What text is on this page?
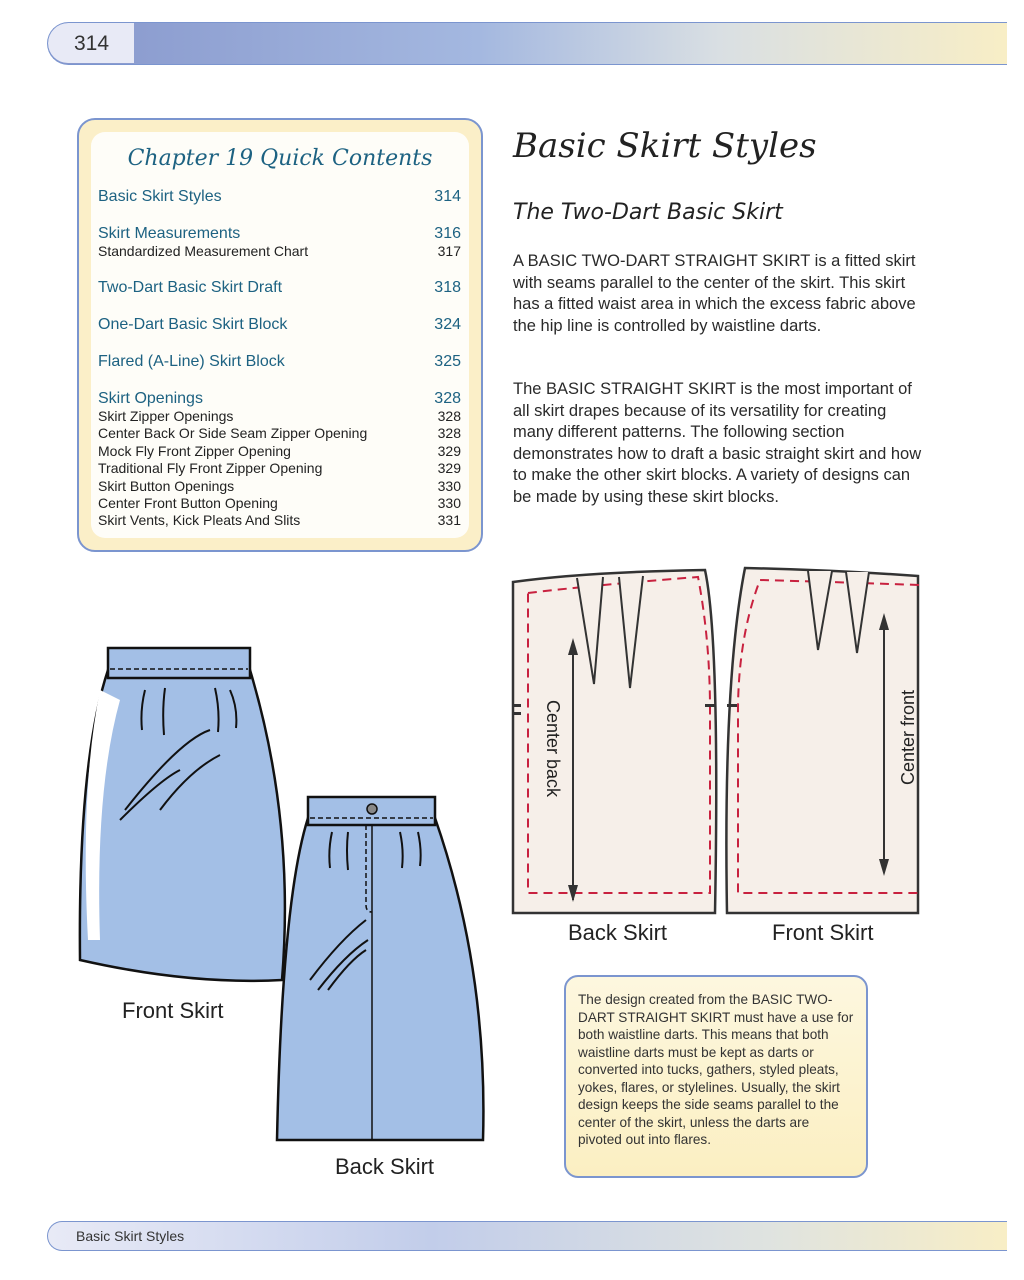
314
Chapter 19 Quick Contents
Basic Skirt Styles	314
Skirt Measurements	316
Standardized Measurement Chart	317
Two-Dart Basic Skirt Draft	318
One-Dart Basic Skirt Block	324
Flared (A-Line) Skirt Block	325
Skirt Openings	328
Skirt Zipper Openings	328
Center Back Or Side Seam Zipper Opening	328
Mock Fly Front Zipper Opening	329
Traditional Fly Front Zipper Opening	329
Skirt Button Openings	330
Center Front Button Opening	330
Skirt Vents, Kick Pleats And Slits	331
Basic Skirt Styles
The Two-Dart Basic Skirt
A BASIC TWO-DART STRAIGHT SKIRT is a fitted skirt with seams parallel to the center of the skirt. This skirt has a fitted waist area in which the excess fabric above the hip line is controlled by waistline darts.
The BASIC STRAIGHT SKIRT is the most important of all skirt drapes because of its versatility for creating many different patterns. The following section demonstrates how to draft a basic straight skirt and how to make the other skirt blocks. A variety of designs can be made by using these skirt blocks.
Center back	Center front
Back Skirt	Front Skirt
Front Skirt
Back Skirt
The design created from the BASIC TWO-DART STRAIGHT SKIRT must have a use for both waistline darts. This means that both waistline darts must be kept as darts or converted into tucks, gathers, styled pleats, yokes, flares, or stylelines. Usually, the skirt design keeps the side seams parallel to the center of the skirt, unless the darts are pivoted out into flares.
Basic Skirt Styles
